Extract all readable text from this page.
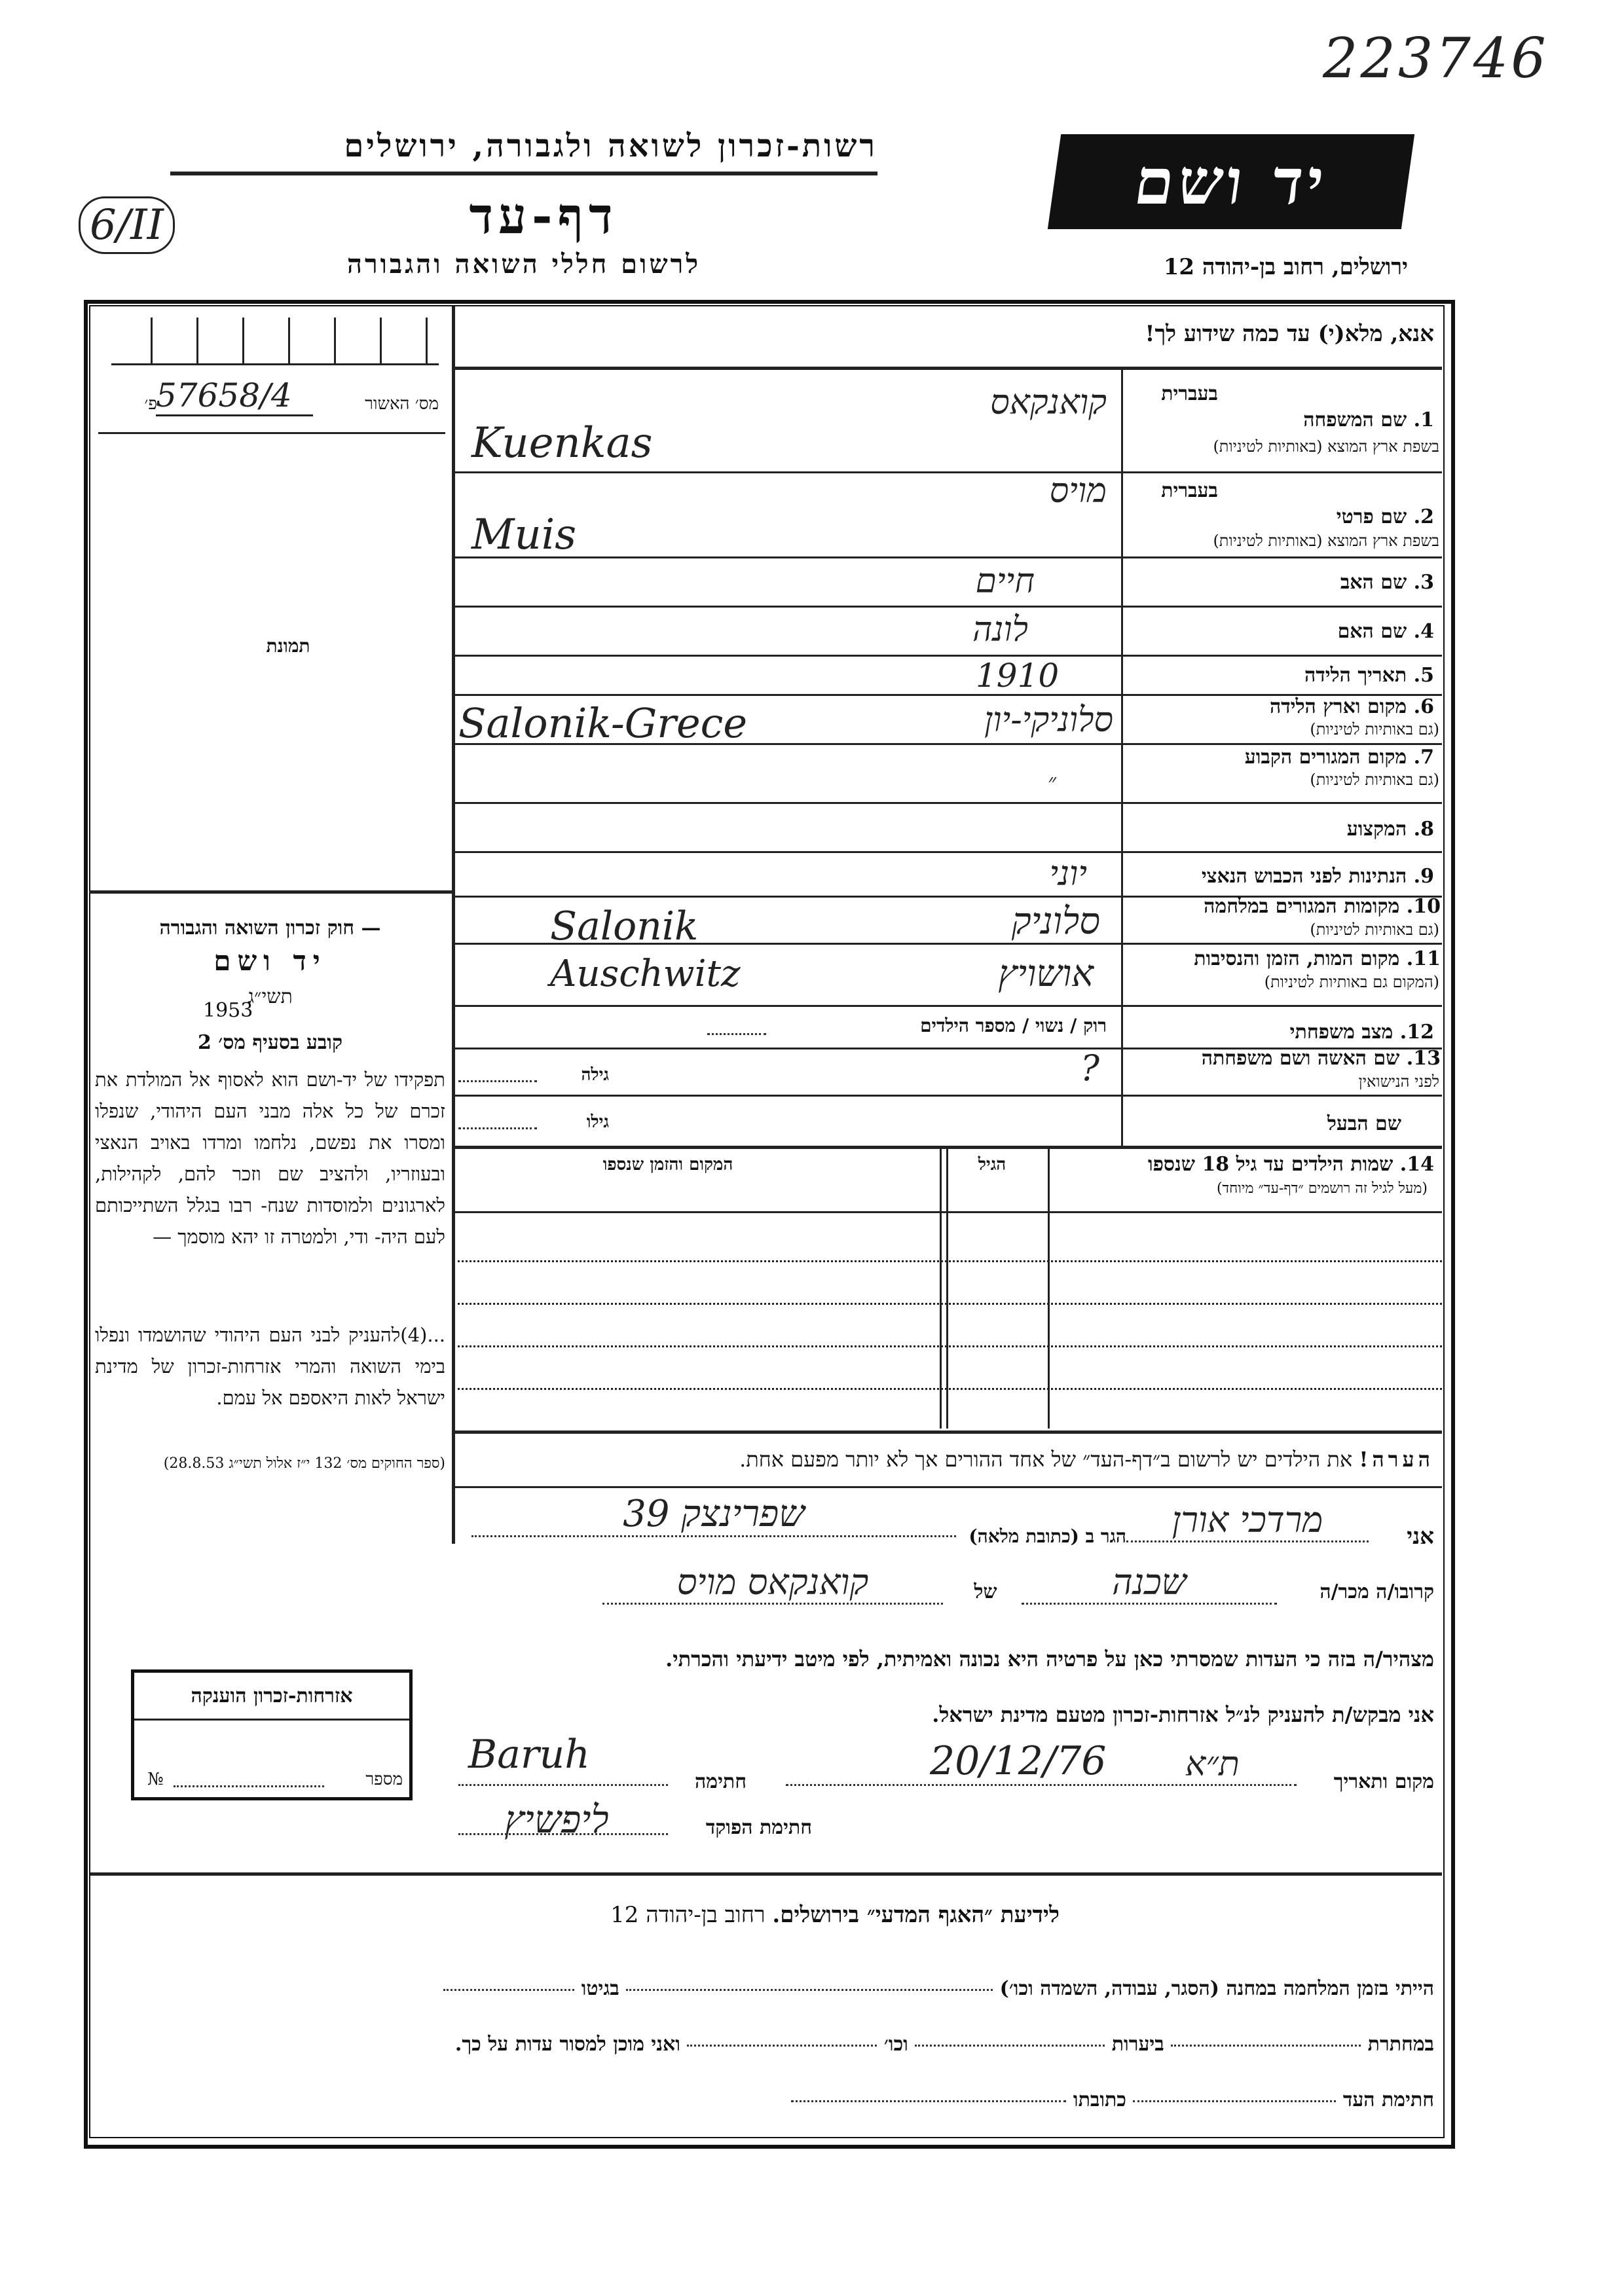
223746
6/II
רשות-זכרון לשואה ולגבורה, ירושלים
דף-עד
לרשום חללי השואה והגבורה
יד ושם
ירושלים, רחוב בן-יהודה 12
מס׳ האשור
פ׳
57658/4
תמונת
— חוק זכרון השואה והגבורה
יד ושם
תשי״ג
1953
קובע בסעיף מס׳ 2
תפקידו של יד-ושם הוא לאסוף אל המולדת את זכרם של כל אלה מבני העם היהודי, שנפלו ומסרו את נפשם, נלחמו ומרדו באויב הנאצי ובעוזריו, ולהציב שם וזכר להם, לקהילות, לארגונים ולמוסדות שנח- רבו בגלל השתייכותם לעם היה- ודי, ולמטרה זו יהא מוסמך —
...(4)להעניק לבני העם היהודי שהושמדו ונפלו בימי השואה והמרי אזרחות-זכרון של מדינת ישראל לאות היאספם אל עמם.
(ספר החוקים מס׳ 132 י״ז אלול תשי״ג 28.8.53)
אנא, מלא(י) עד כמה שידוע לך!
בעברית
1. שם המשפחה
בשפת ארץ המוצא (באותיות לטיניות)
קואנקאס
Kuenkas
בעברית
2. שם פרטי
בשפת ארץ המוצא (באותיות לטיניות)
מויס
Muis
3. שם האב
חיים
4. שם האם
לונה
5. תאריך הלידה
1910
6. מקום וארץ הלידה
(גם באותיות לטיניות)
סלוניקי-יון
Salonik-Grece
7. מקום המגורים הקבוע
(גם באותיות לטיניות)
״
8. המקצוע
9. הנתינות לפני הכבוש הנאצי
יוני
10. מקומות המגורים במלחמה
(גם באותיות לטיניות)
סלוניק
Salonik
11. מקום המות, הזמן והנסיבות
(המקום גם באותיות לטיניות)
אושויץ
Auschwitz
12. מצב משפחתי
רוק / נשוי / מספר הילדים
13. שם האשה ושם משפחתה
לפני הנישואין
?
גילה
שם הבעל
גילו
14. שמות הילדים עד גיל 18 שנספו
(מעל לגיל זה רושמים ״דף-עד״ מיוחד)
הגיל
המקום והזמן שנספו
הערה! את הילדים יש לרשום ב״דף-העד״ של אחד ההורים אך לא יותר מפעם אחת.
אני
מרדכי אורן
הגר ב (כתובת מלאה)
שפרינצק 39
קרובו/ה מכר/ה
שכנה
של
קואנקאס מויס
מצהיר/ה בזה כי העדות שמסרתי כאן על פרטיה היא נכונה ואמיתית, לפי מיטב ידיעתי והכרתי.
אזרחות-זכרון הוענקה
№	מספר
אני מבקש/ת להעניק לנ״ל אזרחות-זכרון מטעם מדינת ישראל.
מקום ותאריך
ת״א
20/12/76
חתימה
Baruh
חתימת הפוקד
ליפשיץ
לידיעת ״האגף המדעי״ בירושלים. רחוב בן-יהודה 12
הייתי בזמן המלחמה במחנה (הסגר, עבודה, השמדה וכו׳)  בגיטו
במחתרת  ביערות  וכו׳  ואני מוכן למסור עדות על כך.
חתימת העד  כתובתו
